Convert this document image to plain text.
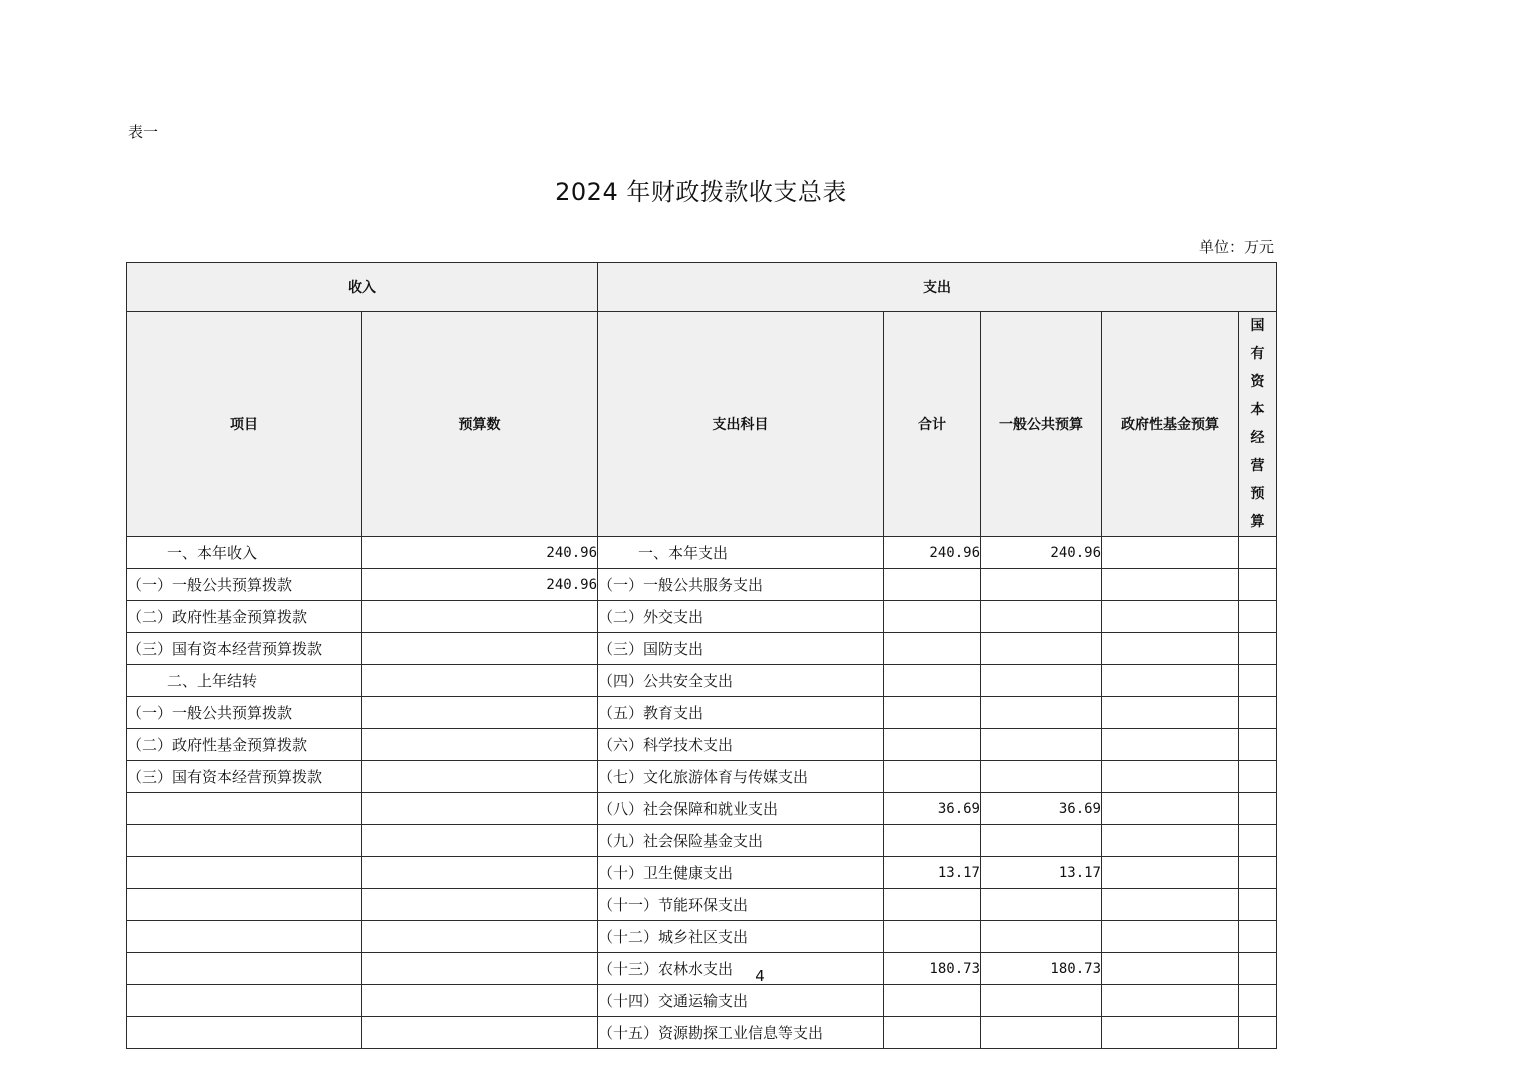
表一
2024 年财政拨款收支总表
单位：万元
收入		支出				
项目	预算数	支出科目	合计	一般公共预算	政府性基金预算	国有 资本 经营 预算
一、本年收入	240.96	一、本年支出	240.96	240.96		
（一）一般公共预算拨款	240.96	（一）一般公共服务支出				
（二）政府性基金预算拨款		（二）外交支出				
（三）国有资本经营预算拨款		（三）国防支出				
二、上年结转		（四）公共安全支出				
（一）一般公共预算拨款		（五）教育支出				
（二）政府性基金预算拨款		（六）科学技术支出				
（三）国有资本经营预算拨款		（七）文化旅游体育与传媒支出				
		（八）社会保障和就业支出	36.69	36.69		
		（九）社会保险基金支出				
		（十）卫生健康支出	13.17	13.17		
		（十一）节能环保支出				
		（十二）城乡社区支出				
		（十三）农林水支出	180.73	180.73		
		（十四）交通运输支出				
		（十五）资源勘探工业信息等支出				
4
